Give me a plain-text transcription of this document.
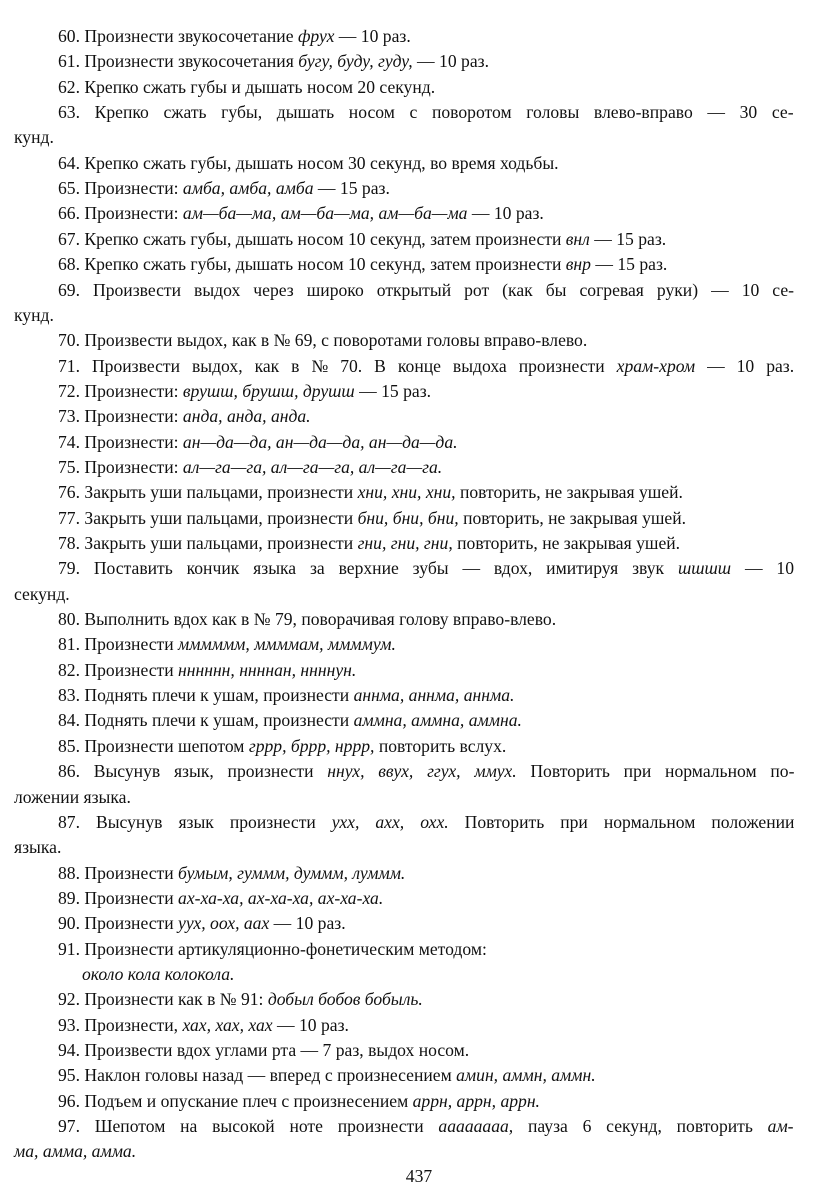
60. Произнести звукосочетание фрух — 10 раз.
61. Произнести звукосочетания бугу, буду, гуду, — 10 раз.
62. Крепко сжать губы и дышать носом 20 секунд.
63. Крепко сжать губы, дышать носом с поворотом головы влево-вправо — 30 се-
кунд.
64. Крепко сжать губы, дышать носом 30 секунд, во время ходьбы.
65. Произнести: амба, амба, амба — 15 раз.
66. Произнести: ам—ба—ма, ам—ба—ма, ам—ба—ма — 10 раз.
67. Крепко сжать губы, дышать носом 10 секунд, затем произнести внл — 15 раз.
68. Крепко сжать губы, дышать носом 10 секунд, затем произнести внр — 15 раз.
69. Произвести выдох через широко открытый рот (как бы согревая руки) — 10 се-
кунд.
70. Произвести выдох, как в № 69, с поворотами головы вправо-влево.
71. Произвести выдох, как в № 70. В конце выдоха произнести храм-хром — 10 раз.
72. Произнести: врушш, брушш, друшш — 15 раз.
73. Произнести: анда, анда, анда.
74. Произнести: ан—да—да, ан—да—да, ан—да—да.
75. Произнести: ал—га—га, ал—га—га, ал—га—га.
76. Закрыть уши пальцами, произнести хни, хни, хни, повторить, не закрывая ушей.
77. Закрыть уши пальцами, произнести бни, бни, бни, повторить, не закрывая ушей.
78. Закрыть уши пальцами, произнести гни, гни, гни, повторить, не закрывая ушей.
79. Поставить кончик языка за верхние зубы — вдох, имитируя звук шшшш — 10
секунд.
80. Выполнить вдох как в № 79, поворачивая голову вправо-влево.
81. Произнести мммммм, ммммам, ммммум.
82. Произнести нннннн, ннннан, ннннун.
83. Поднять плечи к ушам, произнести аннма, аннма, аннма.
84. Поднять плечи к ушам, произнести аммна, аммна, аммна.
85. Произнести шепотом гррр, бррр, нррр, повторить вслух.
86. Высунув язык, произнести ннух, ввух, ггух, ммух. Повторить при нормальном по-
ложении языка.
87. Высунув язык произнести ухх, ахх, охх. Повторить при нормальном положении
языка.
88. Произнести бумым, гуммм, думмм, луммм.
89. Произнести ах-ха-ха, ах-ха-ха, ах-ха-ха.
90. Произнести уух, оох, аах — 10 раз.
91. Произнести артикуляционно-фонетическим методом:
около кола колокола.
92. Произнести как в № 91: добыл бобов бобыль.
93. Произнести, хах, хах, хах — 10 раз.
94. Произвести вдох углами рта — 7 раз, выдох носом.
95. Наклон головы назад — вперед с произнесением амин, аммн, аммн.
96. Подъем и опускание плеч с произнесением аррн, аррн, аррн.
97. Шепотом на высокой ноте произнести аааааааа, пауза 6 секунд, повторить ам-
ма, амма, амма.
437
